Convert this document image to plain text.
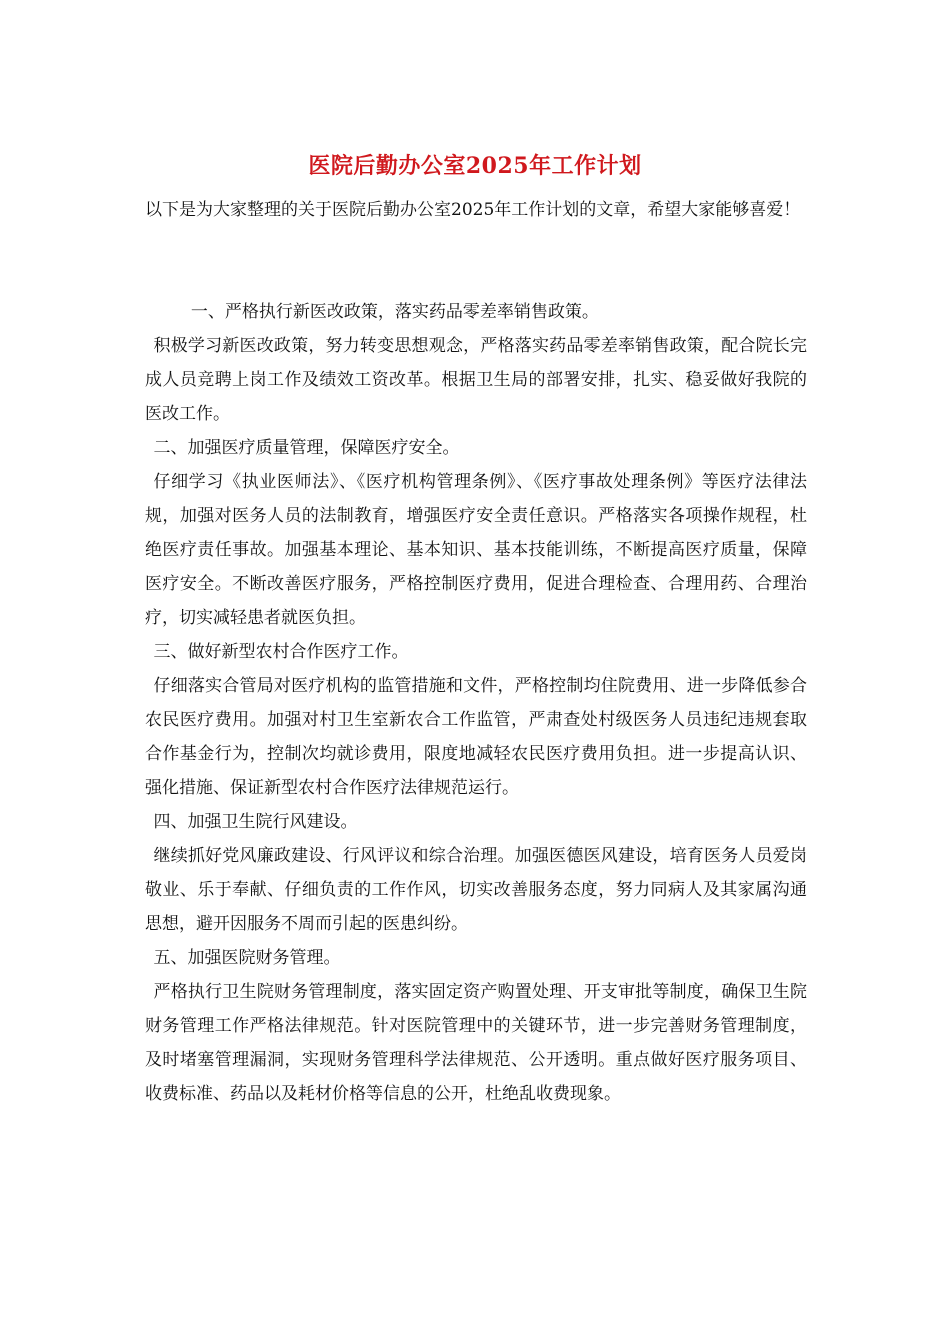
医院后勤办公室2025年工作计划

以下是为大家整理的关于医院后勤办公室2025年工作计划的文章，希望大家能够喜爱！

一、严格执行新医改政策，落实药品零差率销售政策。

积极学习新医改政策，努力转变思想观念，严格落实药品零差率销售政策，配合院长完成人员竞聘上岗工作及绩效工资改革。根据卫生局的部署安排，扎实、稳妥做好我院的医改工作。

二、加强医疗质量管理，保障医疗安全。

仔细学习《执业医师法》、《医疗机构管理条例》、《医疗事故处理条例》等医疗法律法规，加强对医务人员的法制教育，增强医疗安全责任意识。严格落实各项操作规程，杜绝医疗责任事故。加强基本理论、基本知识、基本技能训练，不断提高医疗质量，保障医疗安全。不断改善医疗服务，严格控制医疗费用，促进合理检查、合理用药、合理治疗，切实减轻患者就医负担。

三、做好新型农村合作医疗工作。

仔细落实合管局对医疗机构的监管措施和文件，严格控制均住院费用、进一步降低参合农民医疗费用。加强对村卫生室新农合工作监管，严肃查处村级医务人员违纪违规套取合作基金行为，控制次均就诊费用，限度地减轻农民医疗费用负担。进一步提高认识、强化措施、保证新型农村合作医疗法律规范运行。

四、加强卫生院行风建设。

继续抓好党风廉政建设、行风评议和综合治理。加强医德医风建设，培育医务人员爱岗敬业、乐于奉献、仔细负责的工作作风，切实改善服务态度，努力同病人及其家属沟通思想，避开因服务不周而引起的医患纠纷。

五、加强医院财务管理。

严格执行卫生院财务管理制度，落实固定资产购置处理、开支审批等制度，确保卫生院财务管理工作严格法律规范。针对医院管理中的关键环节，进一步完善财务管理制度，及时堵塞管理漏洞，实现财务管理科学法律规范、公开透明。重点做好医疗服务项目、收费标准、药品以及耗材价格等信息的公开，杜绝乱收费现象。
